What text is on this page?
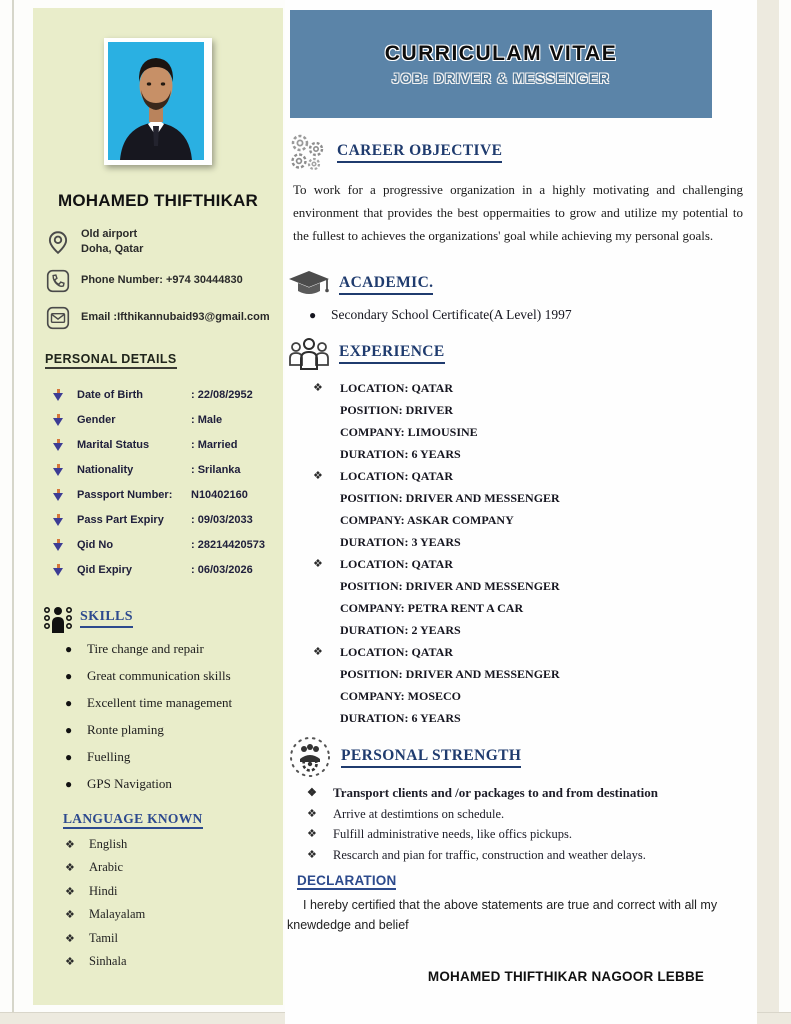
MOHAMED THIFTHIKAR
Old airport
Doha, Qatar
Phone Number: +974 30444830
Email :Ifthikannubaid93@gmail.com
PERSONAL DETAILS
Date of Birth	: 22/08/2952
Gender	: Male
Marital Status	: Married
Nationality	: Srilanka
Passport Number:	N10402160
Pass Part Expiry	: 09/03/2033
Qid No	: 28214420573
Qid Expiry	: 06/03/2026
SKILLS
●	Tire change and repair
●	Great communication skills
●	Excellent time management
●	Ronte plaming
●	Fuelling
●	GPS Navigation
LANGUAGE KNOWN
❖	English
❖	Arabic
❖	Hindi
❖	Malayalam
❖	Tamil
❖	Sinhala
CURRICULAM VITAE
JOB: DRIVER & MESSENGER
CAREER OBJECTIVE

To work for a progressive organization in a highly motivating and challenging environment that provides the best oppermaities to grow and utilize my potential to the fullest to achieves the organizations' goal while achieving my personal goals.

ACADEMIC.
●	Secondary School Certificate(A Level) 1997
EXPERIENCE
❖	LOCATION: QATAR
POSITION: DRIVER
COMPANY: LIMOUSINE
DURATION: 6 YEARS
❖	LOCATION: QATAR
POSITION: DRIVER AND MESSENGER
COMPANY: ASKAR COMPANY
DURATION: 3 YEARS
❖	LOCATION: QATAR
POSITION: DRIVER AND MESSENGER
COMPANY: PETRA RENT A CAR
DURATION: 2 YEARS
❖	LOCATION: QATAR
POSITION: DRIVER AND MESSENGER
COMPANY: MOSECO
DURATION: 6 YEARS
PERSONAL STRENGTH
❖	Transport clients and /or packages to and from destination
❖	Arrive at destimtions on schedule.
❖	Fulfill administrative needs, like offics pickups.
❖	Rescarch and pian for traffic, construction and weather delays.
DECLARATION

I hereby certified that the above statements are true and correct with all my knewdedge and belief

MOHAMED THIFTHIKAR NAGOOR LEBBE
